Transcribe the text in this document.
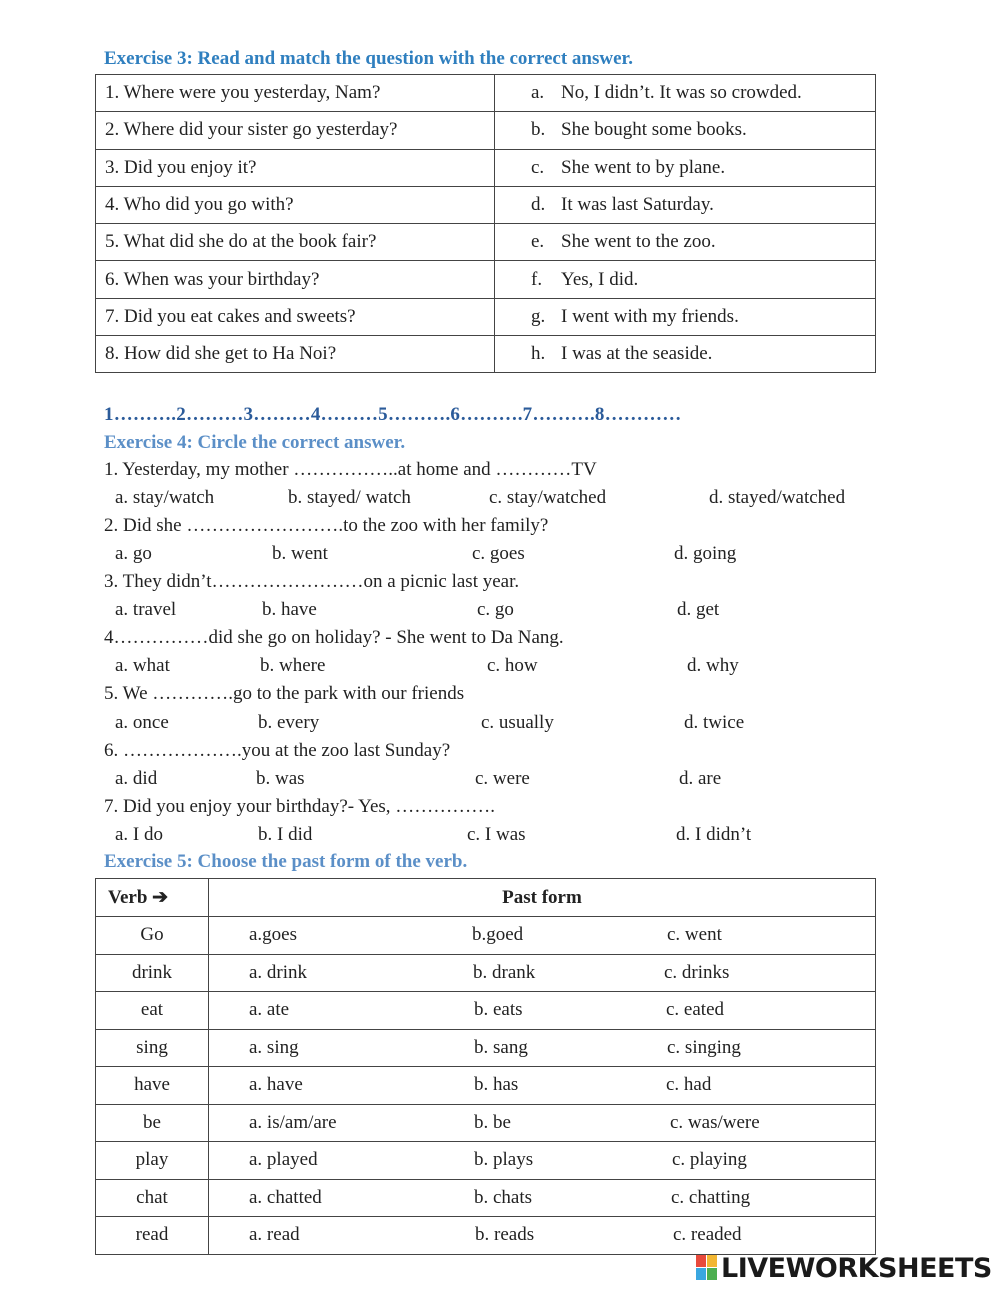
Exercise 3: Read and match the question with the correct answer.
1. Where were you yesterday, Nam?	a. No, I didn’t. It was so crowded.
2. Where did your sister go yesterday?	b. She bought some books.
3. Did you enjoy it?	c. She went to by plane.
4. Who did you go with?	d. It was last Saturday.
5. What did she do at the book fair?	e. She went to the zoo.
6. When was your birthday?	f. Yes, I did.
7. Did you eat cakes and sweets?	g. I went with my friends.
8. How did she get to Ha Noi?	h. I was at the seaside.
1……….2………3………4………5……….6……….7……….8…………
Exercise 4: Circle the correct answer.
1. Yesterday, my mother ……………..at home and …………TV
a. stay/watch	b. stayed/ watch	c. stay/watched	d. stayed/watched
2. Did she …………………….to the zoo with her family?
a. go	b. went	c. goes	d. going
3. They didn’t……………………on a picnic last year.
a. travel	b. have	c. go	d. get
4……………did she go on holiday? - She went to Da Nang.
a. what	b. where	c. how	d. why
5. We ………….go to the park with our friends
a. once	b. every	c. usually	d. twice
6. ……………….you at the zoo last Sunday?
a. did	b. was	c. were	d. are
7. Did you enjoy your birthday?- Yes, …………….
a. I do	b. I did	c. I was	d. I didn’t
Exercise 5: Choose the past form of the verb.
Verb ➔	Past form
Go	a.goes b.goed c. went

drink	a. drink b. drank c. drinks

eat	a. ate b. eats c. eated

sing	a. sing b. sang c. singing

have	a. have b. has c. had

be	a. is/am/are b. be c. was/were

play	a. played b. plays c. playing

chat	a. chatted b. chats c. chatting

read	a. read b. reads c. readed
LIVEWORKSHEETS
